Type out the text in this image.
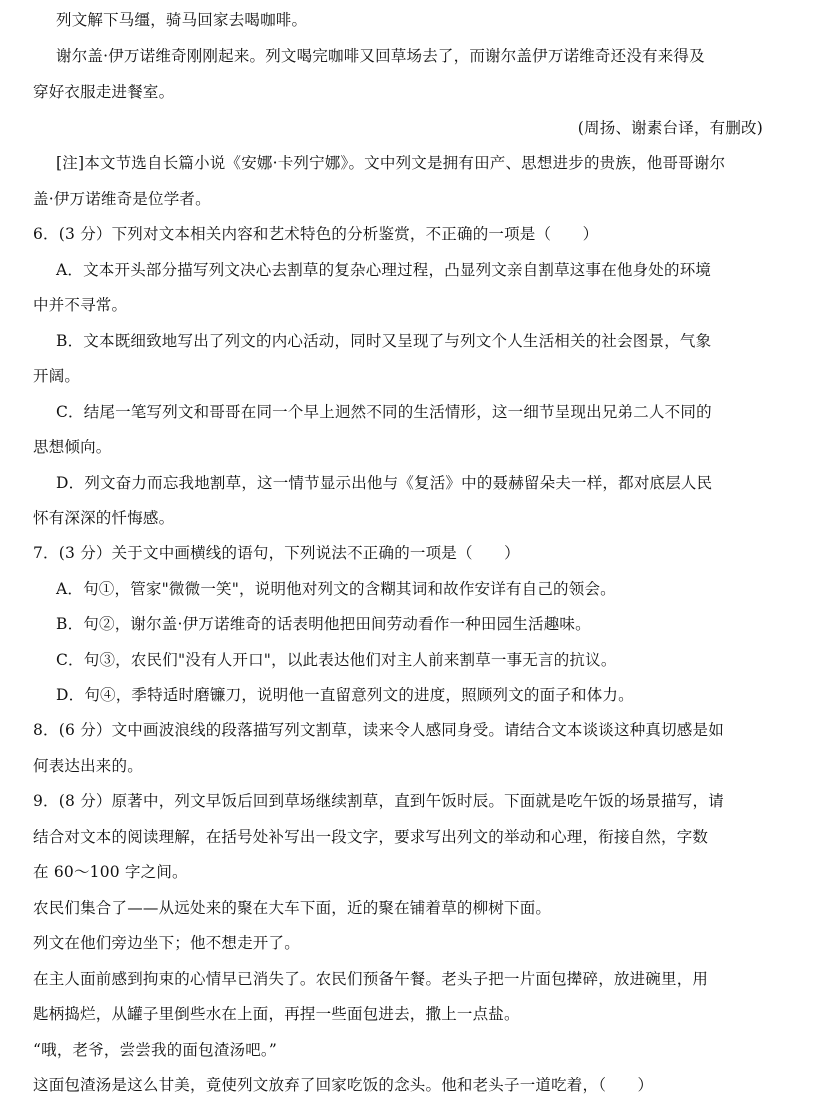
列文解下马缰，骑马回家去喝咖啡。
谢尔盖·伊万诺维奇刚刚起来。列文喝完咖啡又回草场去了，而谢尔盖伊万诺维奇还没有来得及
穿好衣服走进餐室。
(周扬、谢素台译，有删改)
[注]本文节选自长篇小说《安娜·卡列宁娜》。文中列文是拥有田产、思想进步的贵族，他哥哥谢尔
盖·伊万诺维奇是位学者。
6．(3 分）下列对文本相关内容和艺术特色的分析鉴赏，不正确的一项是（　　）
A．文本开头部分描写列文决心去割草的复杂心理过程，凸显列文亲自割草这事在他身处的环境
中并不寻常。
B．文本既细致地写出了列文的内心活动，同时又呈现了与列文个人生活相关的社会图景，气象
开阔。
C．结尾一笔写列文和哥哥在同一个早上迥然不同的生活情形，这一细节呈现出兄弟二人不同的
思想倾向。
D．列文奋力而忘我地割草，这一情节显示出他与《复活》中的聂赫留朵夫一样，都对底层人民
怀有深深的忏悔感。
7．(3 分）关于文中画横线的语句，下列说法不正确的一项是（　　）
A．句①，管家"微微一笑"，说明他对列文的含糊其词和故作安详有自己的领会。
B．句②，谢尔盖·伊万诺维奇的话表明他把田间劳动看作一种田园生活趣味。
C．句③，农民们"没有人开口"，以此表达他们对主人前来割草一事无言的抗议。
D．句④，季特适时磨镰刀，说明他一直留意列文的进度，照顾列文的面子和体力。
8．(6 分）文中画波浪线的段落描写列文割草，读来令人感同身受。请结合文本谈谈这种真切感是如
何表达出来的。
9．(8 分）原著中，列文早饭后回到草场继续割草，直到午饭时辰。下面就是吃午饭的场景描写，请
结合对文本的阅读理解，在括号处补写出一段文字，要求写出列文的举动和心理，衔接自然，字数
在 60～100 字之间。
农民们集合了——从远处来的聚在大车下面，近的聚在铺着草的柳树下面。
列文在他们旁边坐下；他不想走开了。
在主人面前感到拘束的心情早已消失了。农民们预备午餐。老头子把一片面包撵碎，放进碗里，用
匙柄捣烂，从罐子里倒些水在上面，再捏一些面包进去，撒上一点盐。
“哦，老爷，尝尝我的面包渣汤吧。”
这面包渣汤是这么甘美，竟使列文放弃了回家吃饭的念头。他和老头子一道吃着，（　　）
